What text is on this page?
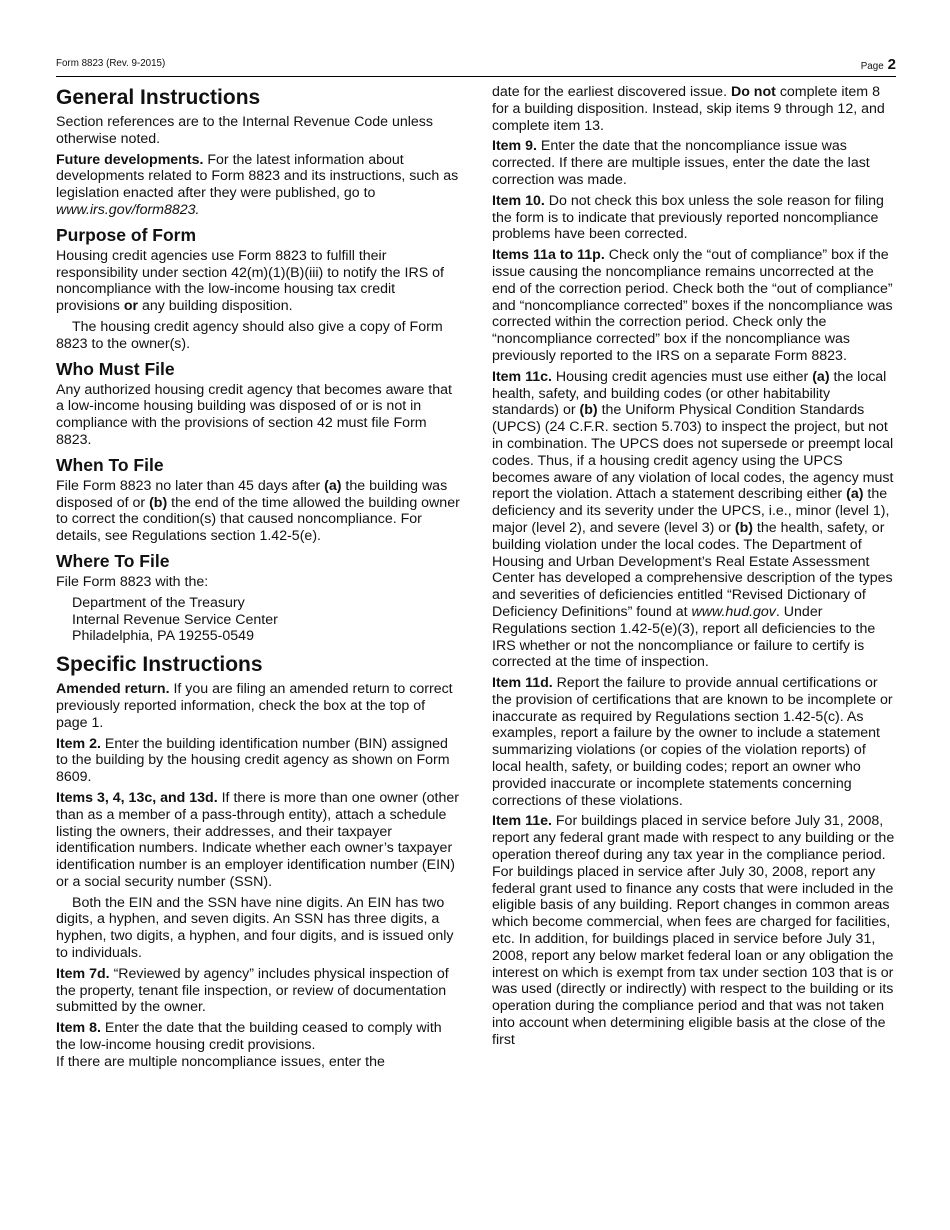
Form 8823 (Rev. 9-2015)	Page 2
General Instructions

Section references are to the Internal Revenue Code unless otherwise noted.

Future developments. For the latest information about developments related to Form 8823 and its instructions, such as legislation enacted after they were published, go to www.irs.gov/form8823.

Purpose of Form

Housing credit agencies use Form 8823 to fulfill their responsibility under section 42(m)(1)(B)(iii) to notify the IRS of noncompliance with the low-income housing tax credit provisions or any building disposition.

The housing credit agency should also give a copy of Form 8823 to the owner(s).

Who Must File

Any authorized housing credit agency that becomes aware that a low-income housing building was disposed of or is not in compliance with the provisions of section 42 must file Form 8823.

When To File

File Form 8823 no later than 45 days after (a) the building was disposed of or (b) the end of the time allowed the building owner to correct the condition(s) that caused noncompliance. For details, see Regulations section 1.42-5(e).

Where To File

File Form 8823 with the:

Department of the Treasury
Internal Revenue Service Center
Philadelphia, PA 19255-0549
Specific Instructions

Amended return. If you are filing an amended return to correct previously reported information, check the box at the top of page 1.

Item 2. Enter the building identification number (BIN) assigned to the building by the housing credit agency as shown on Form 8609.

Items 3, 4, 13c, and 13d. If there is more than one owner (other than as a member of a pass-through entity), attach a schedule listing the owners, their addresses, and their taxpayer identification numbers. Indicate whether each owner’s taxpayer identification number is an employer identification number (EIN) or a social security number (SSN).

Both the EIN and the SSN have nine digits. An EIN has two digits, a hyphen, and seven digits. An SSN has three digits, a hyphen, two digits, a hyphen, and four digits, and is issued only to individuals.

Item 7d. “Reviewed by agency” includes physical inspection of the property, tenant file inspection, or review of documentation submitted by the owner.

Item 8. Enter the date that the building ceased to comply with the low-income housing credit provisions.

If there are multiple noncompliance issues, enter the

date for the earliest discovered issue. Do not complete item 8 for a building disposition. Instead, skip items 9 through 12, and complete item 13.

Item 9. Enter the date that the noncompliance issue was corrected. If there are multiple issues, enter the date the last correction was made.

Item 10. Do not check this box unless the sole reason for filing the form is to indicate that previously reported noncompliance problems have been corrected.

Items 11a to 11p. Check only the “out of compliance” box if the issue causing the noncompliance remains uncorrected at the end of the correction period. Check both the “out of compliance” and “noncompliance corrected” boxes if the noncompliance was corrected within the correction period. Check only the “noncompliance corrected” box if the noncompliance was previously reported to the IRS on a separate Form 8823.

Item 11c. Housing credit agencies must use either (a) the local health, safety, and building codes (or other habitability standards) or (b) the Uniform Physical Condition Standards (UPCS) (24 C.F.R. section 5.703) to inspect the project, but not in combination. The UPCS does not supersede or preempt local codes. Thus, if a housing credit agency using the UPCS becomes aware of any violation of local codes, the agency must report the violation. Attach a statement describing either (a) the deficiency and its severity under the UPCS, i.e., minor (level 1), major (level 2), and severe (level 3) or (b) the health, safety, or building violation under the local codes. The Department of Housing and Urban Development’s Real Estate Assessment Center has developed a comprehensive description of the types and severities of deficiencies entitled “Revised Dictionary of Deficiency Definitions” found at www.hud.gov. Under Regulations section 1.42-5(e)(3), report all deficiencies to the IRS whether or not the noncompliance or failure to certify is corrected at the time of inspection.

Item 11d. Report the failure to provide annual certifications or the provision of certifications that are known to be incomplete or inaccurate as required by Regulations section 1.42-5(c). As examples, report a failure by the owner to include a statement summarizing violations (or copies of the violation reports) of local health, safety, or building codes; report an owner who provided inaccurate or incomplete statements concerning corrections of these violations.

Item 11e. For buildings placed in service before July 31, 2008, report any federal grant made with respect to any building or the operation thereof during any tax year in the compliance period. For buildings placed in service after July 30, 2008, report any federal grant used to finance any costs that were included in the eligible basis of any building. Report changes in common areas which become commercial, when fees are charged for facilities, etc. In addition, for buildings placed in service before July 31, 2008, report any below market federal loan or any obligation the interest on which is exempt from tax under section 103 that is or was used (directly or indirectly) with respect to the building or its operation during the compliance period and that was not taken into account when determining eligible basis at the close of the first
